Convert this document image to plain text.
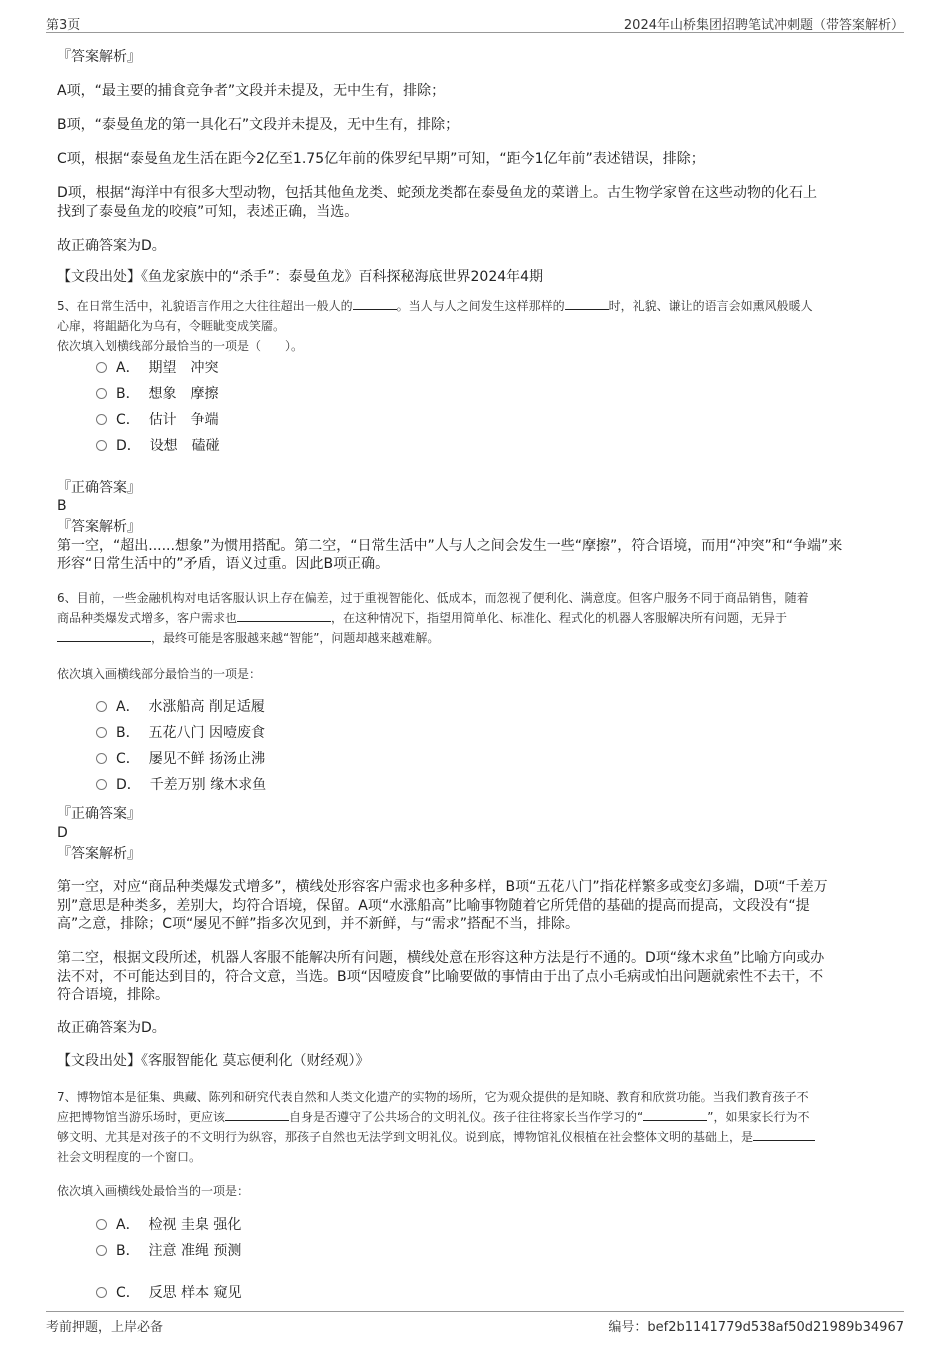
第3页	2024年山桥集团招聘笔试冲刺题（带答案解析）
『答案解析』
A项，“最主要的捕食竞争者”文段并未提及，无中生有，排除；
B项，“泰曼鱼龙的第一具化石”文段并未提及，无中生有，排除；
C项，根据“泰曼鱼龙生活在距今2亿至1.75亿年前的侏罗纪早期”可知，“距今1亿年前”表述错误，排除；
D项，根据“海洋中有很多大型动物，包括其他鱼龙类、蛇颈龙类都在泰曼鱼龙的菜谱上。古生物学家曾在这些动物的化石上
找到了泰曼鱼龙的咬痕”可知，表述正确，当选。
故正确答案为D。
【文段出处】《鱼龙家族中的“杀手”：泰曼鱼龙》百科探秘海底世界2024年4期
5、在日常生活中，礼貌语言作用之大往往超出一般人的	。当人与人之间发生这样那样的	时，礼貌、谦让的语言会如熏风般暖人
心扉，将龃龉化为乌有，令睚眦变成笑靥。
依次填入划横线部分最恰当的一项是（　　）。
A． 期望　冲突
B． 想象　摩擦
C． 估计　争端
D． 设想　磕碰
『正确答案』
B
『答案解析』
第一空，“超出......想象”为惯用搭配。第二空，“日常生活中”人与人之间会发生一些“摩擦”，符合语境，而用“冲突”和“争端”来
形容“日常生活中的”矛盾，语义过重。因此B项正确。
6、目前，一些金融机构对电话客服认识上存在偏差，过于重视智能化、低成本，而忽视了便利化、满意度。但客户服务不同于商品销售，随着
商品种类爆发式增多，客户需求也	，在这种情况下，指望用简单化、标准化、程式化的机器人客服解决所有问题，无异于
，最终可能是客服越来越“智能”，问题却越来越难解。
依次填入画横线部分最恰当的一项是：
A． 水涨船高 削足适履
B． 五花八门 因噎废食
C． 屡见不鲜 扬汤止沸
D． 千差万别 缘木求鱼
『正确答案』
D
『答案解析』
第一空，对应“商品种类爆发式增多”，横线处形容客户需求也多种多样，B项“五花八门”指花样繁多或变幻多端，D项“千差万
别”意思是种类多，差别大，均符合语境，保留。A项“水涨船高”比喻事物随着它所凭借的基础的提高而提高，文段没有“提
高”之意，排除；C项“屡见不鲜”指多次见到，并不新鲜，与“需求”搭配不当，排除。
第二空，根据文段所述，机器人客服不能解决所有问题，横线处意在形容这种方法是行不通的。D项“缘木求鱼”比喻方向或办
法不对，不可能达到目的，符合文意，当选。B项“因噎废食”比喻要做的事情由于出了点小毛病或怕出问题就索性不去干，不
符合语境，排除。
故正确答案为D。
【文段出处】《客服智能化 莫忘便利化（财经观）》
7、博物馆本是征集、典藏、陈列和研究代表自然和人类文化遗产的实物的场所，它为观众提供的是知晓、教育和欣赏功能。当我们教育孩子不
应把博物馆当游乐场时，更应该	自身是否遵守了公共场合的文明礼仪。孩子往往将家长当作学习的“	”，如果家长行为不
够文明、尤其是对孩子的不文明行为纵容，那孩子自然也无法学到文明礼仪。说到底，博物馆礼仪根植在社会整体文明的基础上，是
社会文明程度的一个窗口。
依次填入画横线处最恰当的一项是：
A． 检视 圭臬 强化
B． 注意 准绳 预测
C． 反思 样本 窥见
考前押题，上岸必备	编号：bef2b1141779d538af50d21989b34967
